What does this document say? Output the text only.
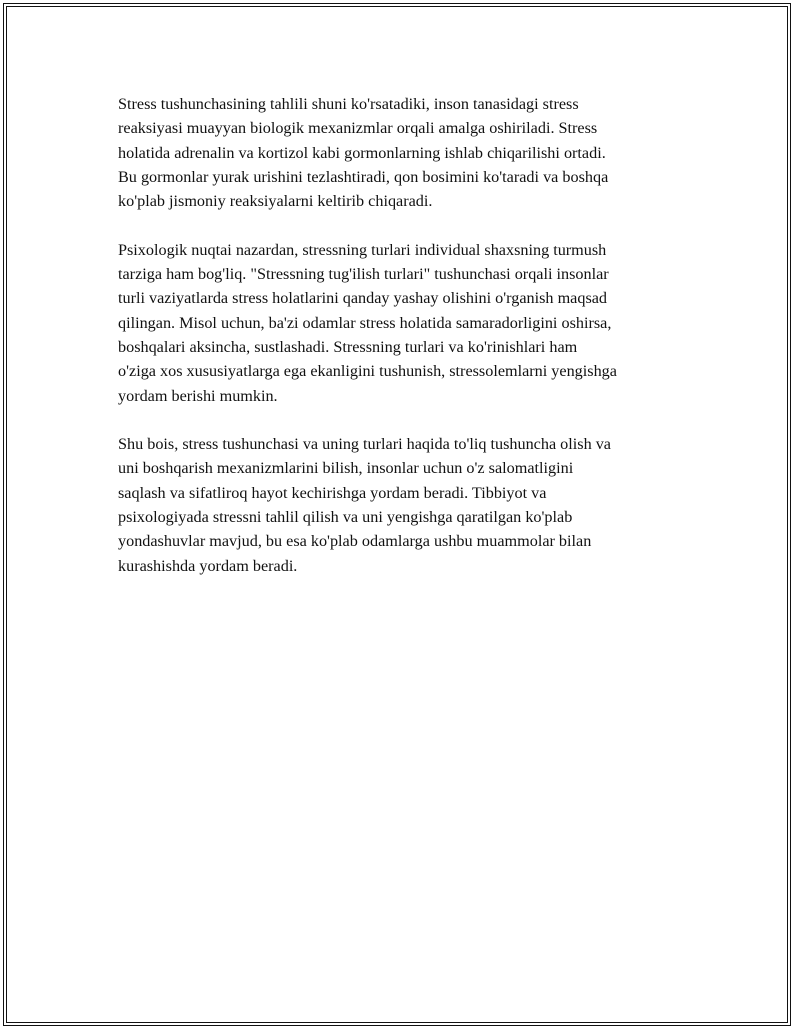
Stress tushunchasining tahlili shuni ko'rsatadiki, inson tanasidagi stress
reaksiyasi muayyan biologik mexanizmlar orqali amalga oshiriladi. Stress
holatida adrenalin va kortizol kabi gormonlarning ishlab chiqarilishi ortadi.
Bu gormonlar yurak urishini tezlashtiradi, qon bosimini ko'taradi va boshqa
ko'plab jismoniy reaksiyalarni keltirib chiqaradi.

Psixologik nuqtai nazardan, stressning turlari individual shaxsning turmush
tarziga ham bog'liq. "Stressning tug'ilish turlari" tushunchasi orqali insonlar
turli vaziyatlarda stress holatlarini qanday yashay olishini o'rganish maqsad
qilingan. Misol uchun, ba'zi odamlar stress holatida samaradorligini oshirsa,
boshqalari aksincha, sustlashadi. Stressning turlari va ko'rinishlari ham
o'ziga xos xususiyatlarga ega ekanligini tushunish, stressolemlarni yengishga
yordam berishi mumkin.

Shu bois, stress tushunchasi va uning turlari haqida to'liq tushuncha olish va
uni boshqarish mexanizmlarini bilish, insonlar uchun o'z salomatligini
saqlash va sifatliroq hayot kechirishga yordam beradi. Tibbiyot va
psixologiyada stressni tahlil qilish va uni yengishga qaratilgan ko'plab
yondashuvlar mavjud, bu esa ko'plab odamlarga ushbu muammolar bilan
kurashishda yordam beradi.
